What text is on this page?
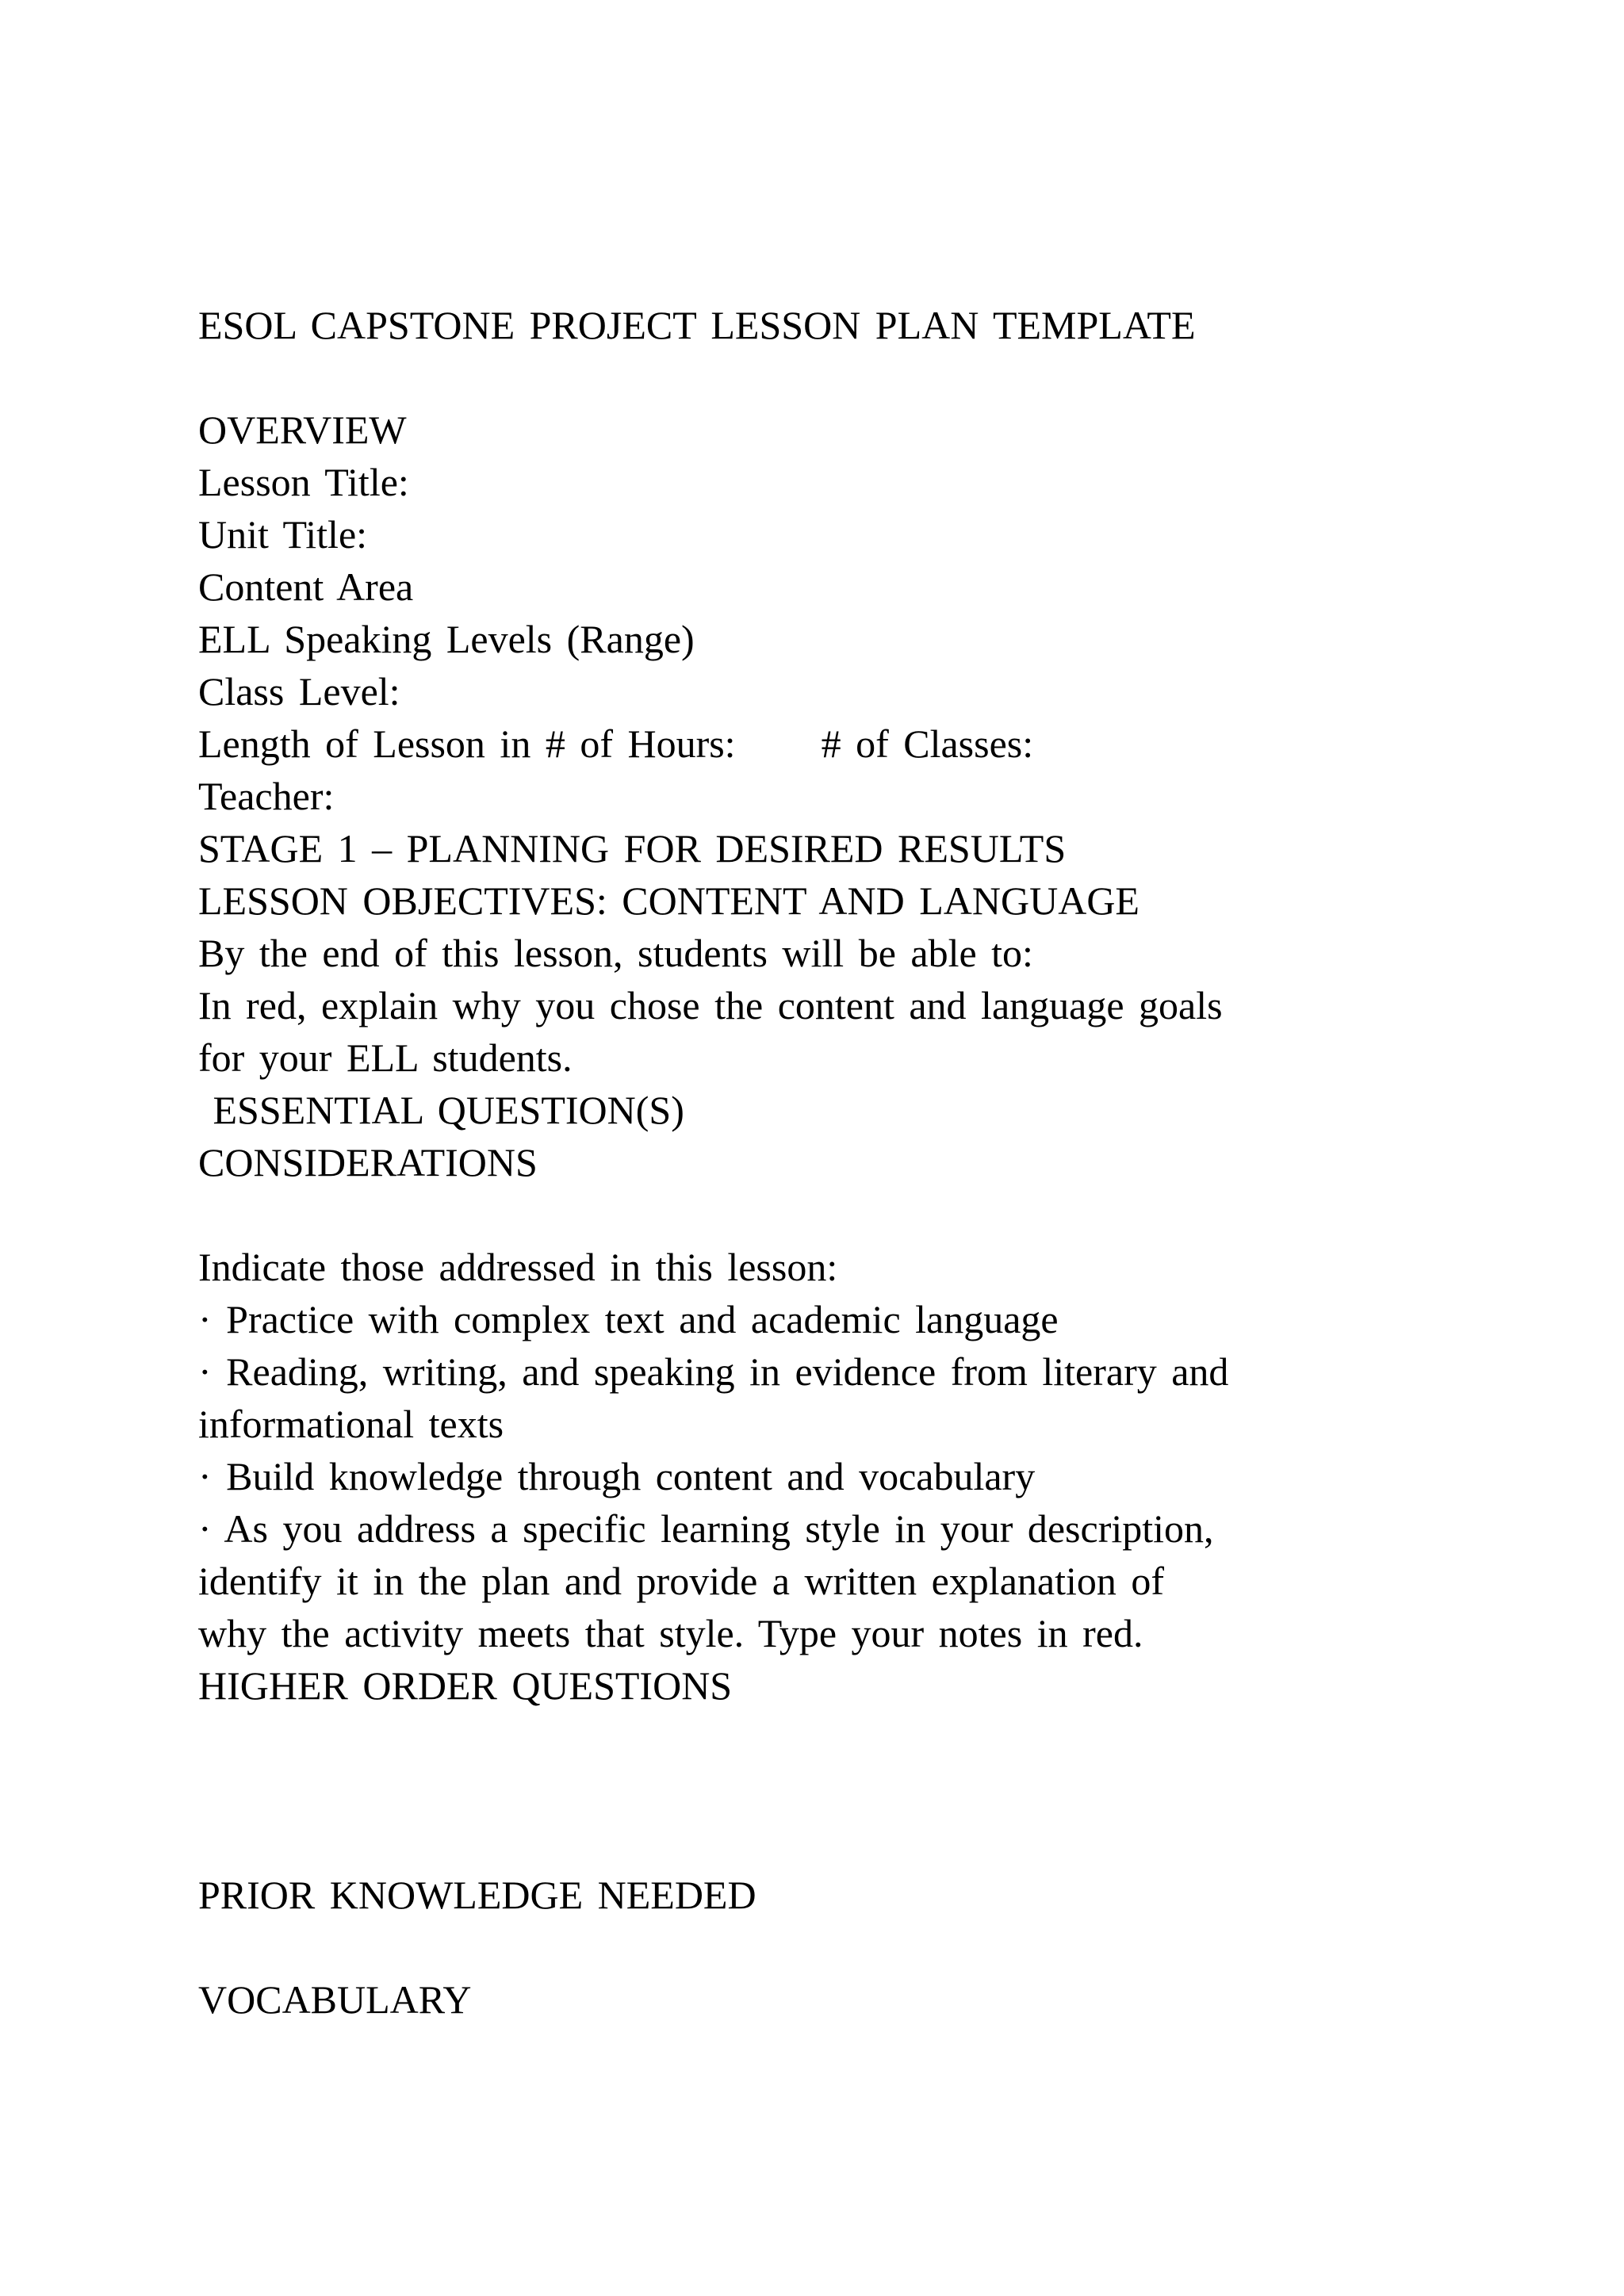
ESOL CAPSTONE PROJECT LESSON PLAN TEMPLATE
OVERVIEW
Lesson Title:
Unit Title:
Content Area
ELL Speaking Levels (Range)
Class Level:
Length of Lesson in # of Hours: # of Classes:
Teacher:
STAGE 1 – PLANNING FOR DESIRED RESULTS
LESSON OBJECTIVES: CONTENT AND LANGUAGE
By the end of this lesson, students will be able to:
In red, explain why you chose the content and language goals
for your ELL students.
ESSENTIAL QUESTION(S)
CONSIDERATIONS
Indicate those addressed in this lesson:
· Practice with complex text and academic language
· Reading, writing, and speaking in evidence from literary and
informational texts
· Build knowledge through content and vocabulary
· As you address a specific learning style in your description,
identify it in the plan and provide a written explanation of
why the activity meets that style. Type your notes in red.
HIGHER ORDER QUESTIONS
PRIOR KNOWLEDGE NEEDED
VOCABULARY
